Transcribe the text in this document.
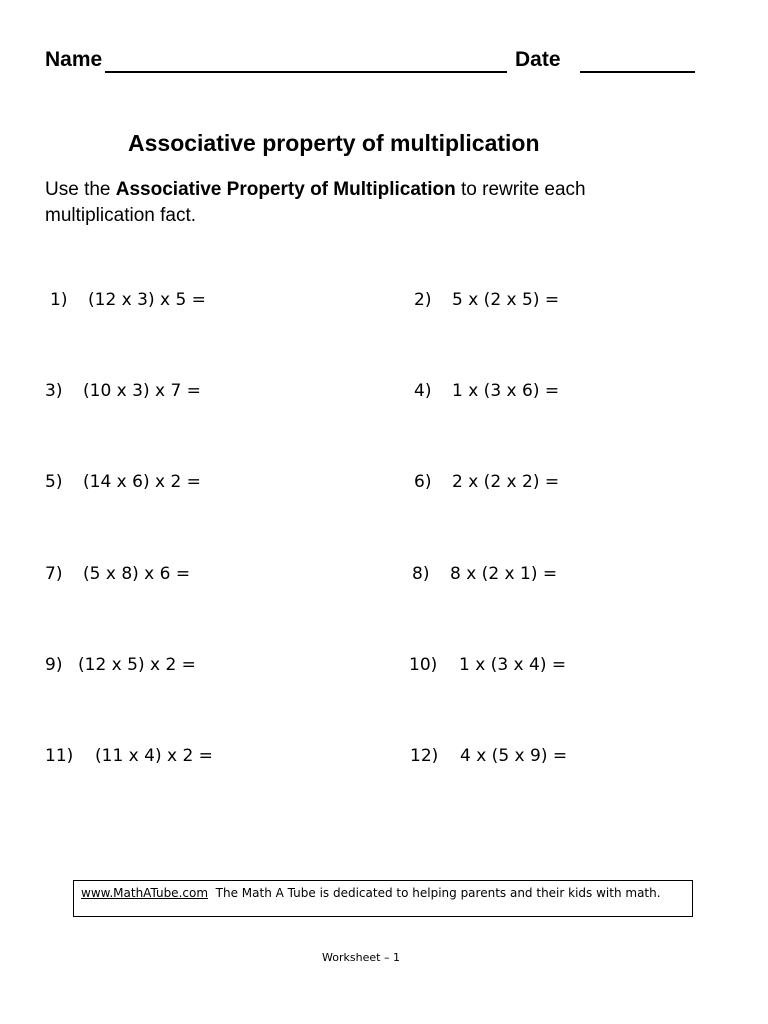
Name	Date
Associative property of multiplication
Use the Associative Property of Multiplication to rewrite each multiplication fact.
1) (12 x 3) x 5 =	2) 5 x (2 x 5) =
3) (10 x 3) x 7 =	4) 1 x (3 x 6) =
5) (14 x 6) x 2 =	6) 2 x (2 x 2) =
7) (5 x 8) x 6 =	8) 8 x (2 x 1) =
9) (12 x 5) x 2 =	10) 1 x (3 x 4) =
11) (11 x 4) x 2 =	12) 4 x (5 x 9) =
www.MathATube.com The Math A Tube is dedicated to helping parents and their kids with math.
Worksheet – 1
